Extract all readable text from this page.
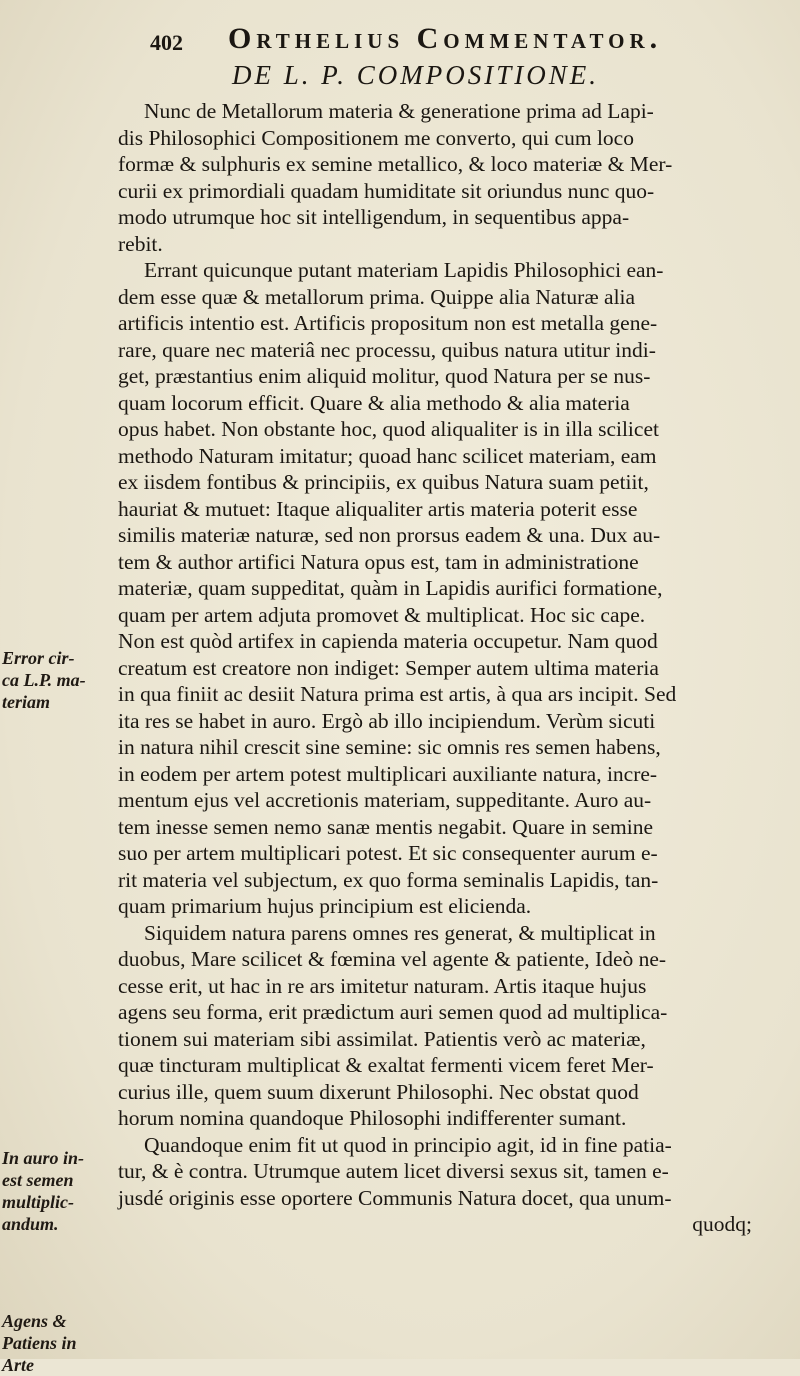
402 Orthelius Commentator.
DE L. P. COMPOSITIONE.
Error cir-
ca L.P. ma-
teriam
In auro in-
est semen
multiplic-
andum.
Agens &
Patiens in
Arte
Nunc de Metallorum materia & generatione prima ad Lapi-
dis Philosophici Compositionem me converto, qui cum loco
formæ & sulphuris ex semine metallico, & loco materiæ & Mer-
curii ex primordiali quadam humiditate sit oriundus nunc quo-
modo utrumque hoc sit intelligendum, in sequentibus appa-
rebit.
Errant quicunque putant materiam Lapidis Philosophici ean-
dem esse quæ & metallorum prima. Quippe alia Naturæ alia
artificis intentio est. Artificis propositum non est metalla gene-
rare, quare nec materiâ nec processu, quibus natura utitur indi-
get, præstantius enim aliquid molitur, quod Natura per se nus-
quam locorum efficit. Quare & alia methodo & alia materia
opus habet. Non obstante hoc, quod aliqualiter is in illa scilicet
methodo Naturam imitatur; quoad hanc scilicet materiam, eam
ex iisdem fontibus & principiis, ex quibus Natura suam petiit,
hauriat & mutuet: Itaque aliqualiter artis materia poterit esse
similis materiæ naturæ, sed non prorsus eadem & una. Dux au-
tem & author artifici Natura opus est, tam in administratione
materiæ, quam suppeditat, quàm in Lapidis aurifici formatione,
quam per artem adjuta promovet & multiplicat. Hoc sic cape.
Non est quòd artifex in capienda materia occupetur. Nam quod
creatum est creatore non indiget: Semper autem ultima materia
in qua finiit ac desiit Natura prima est artis, à qua ars incipit. Sed
ita res se habet in auro. Ergò ab illo incipiendum. Verùm sicuti
in natura nihil crescit sine semine: sic omnis res semen habens,
in eodem per artem potest multiplicari auxiliante natura, incre-
mentum ejus vel accretionis materiam, suppeditante. Auro au-
tem inesse semen nemo sanæ mentis negabit. Quare in semine
suo per artem multiplicari potest. Et sic consequenter aurum e-
rit materia vel subjectum, ex quo forma seminalis Lapidis, tan-
quam primarium hujus principium est elicienda.
Siquidem natura parens omnes res generat, & multiplicat in
duobus, Mare scilicet & fœmina vel agente & patiente, Ideò ne-
cesse erit, ut hac in re ars imitetur naturam. Artis itaque hujus
agens seu forma, erit prædictum auri semen quod ad multiplica-
tionem sui materiam sibi assimilat. Patientis verò ac materiæ,
quæ tincturam multiplicat & exaltat fermenti vicem feret Mer-
curius ille, quem suum dixerunt Philosophi. Nec obstat quod
horum nomina quandoque Philosophi indifferenter sumant.
Quandoque enim fit ut quod in principio agit, id in fine patia-
tur, & è contra. Utrumque autem licet diversi sexus sit, tamen e-
jusdé originis esse oportere Communis Natura docet, qua unum-
quodq;
